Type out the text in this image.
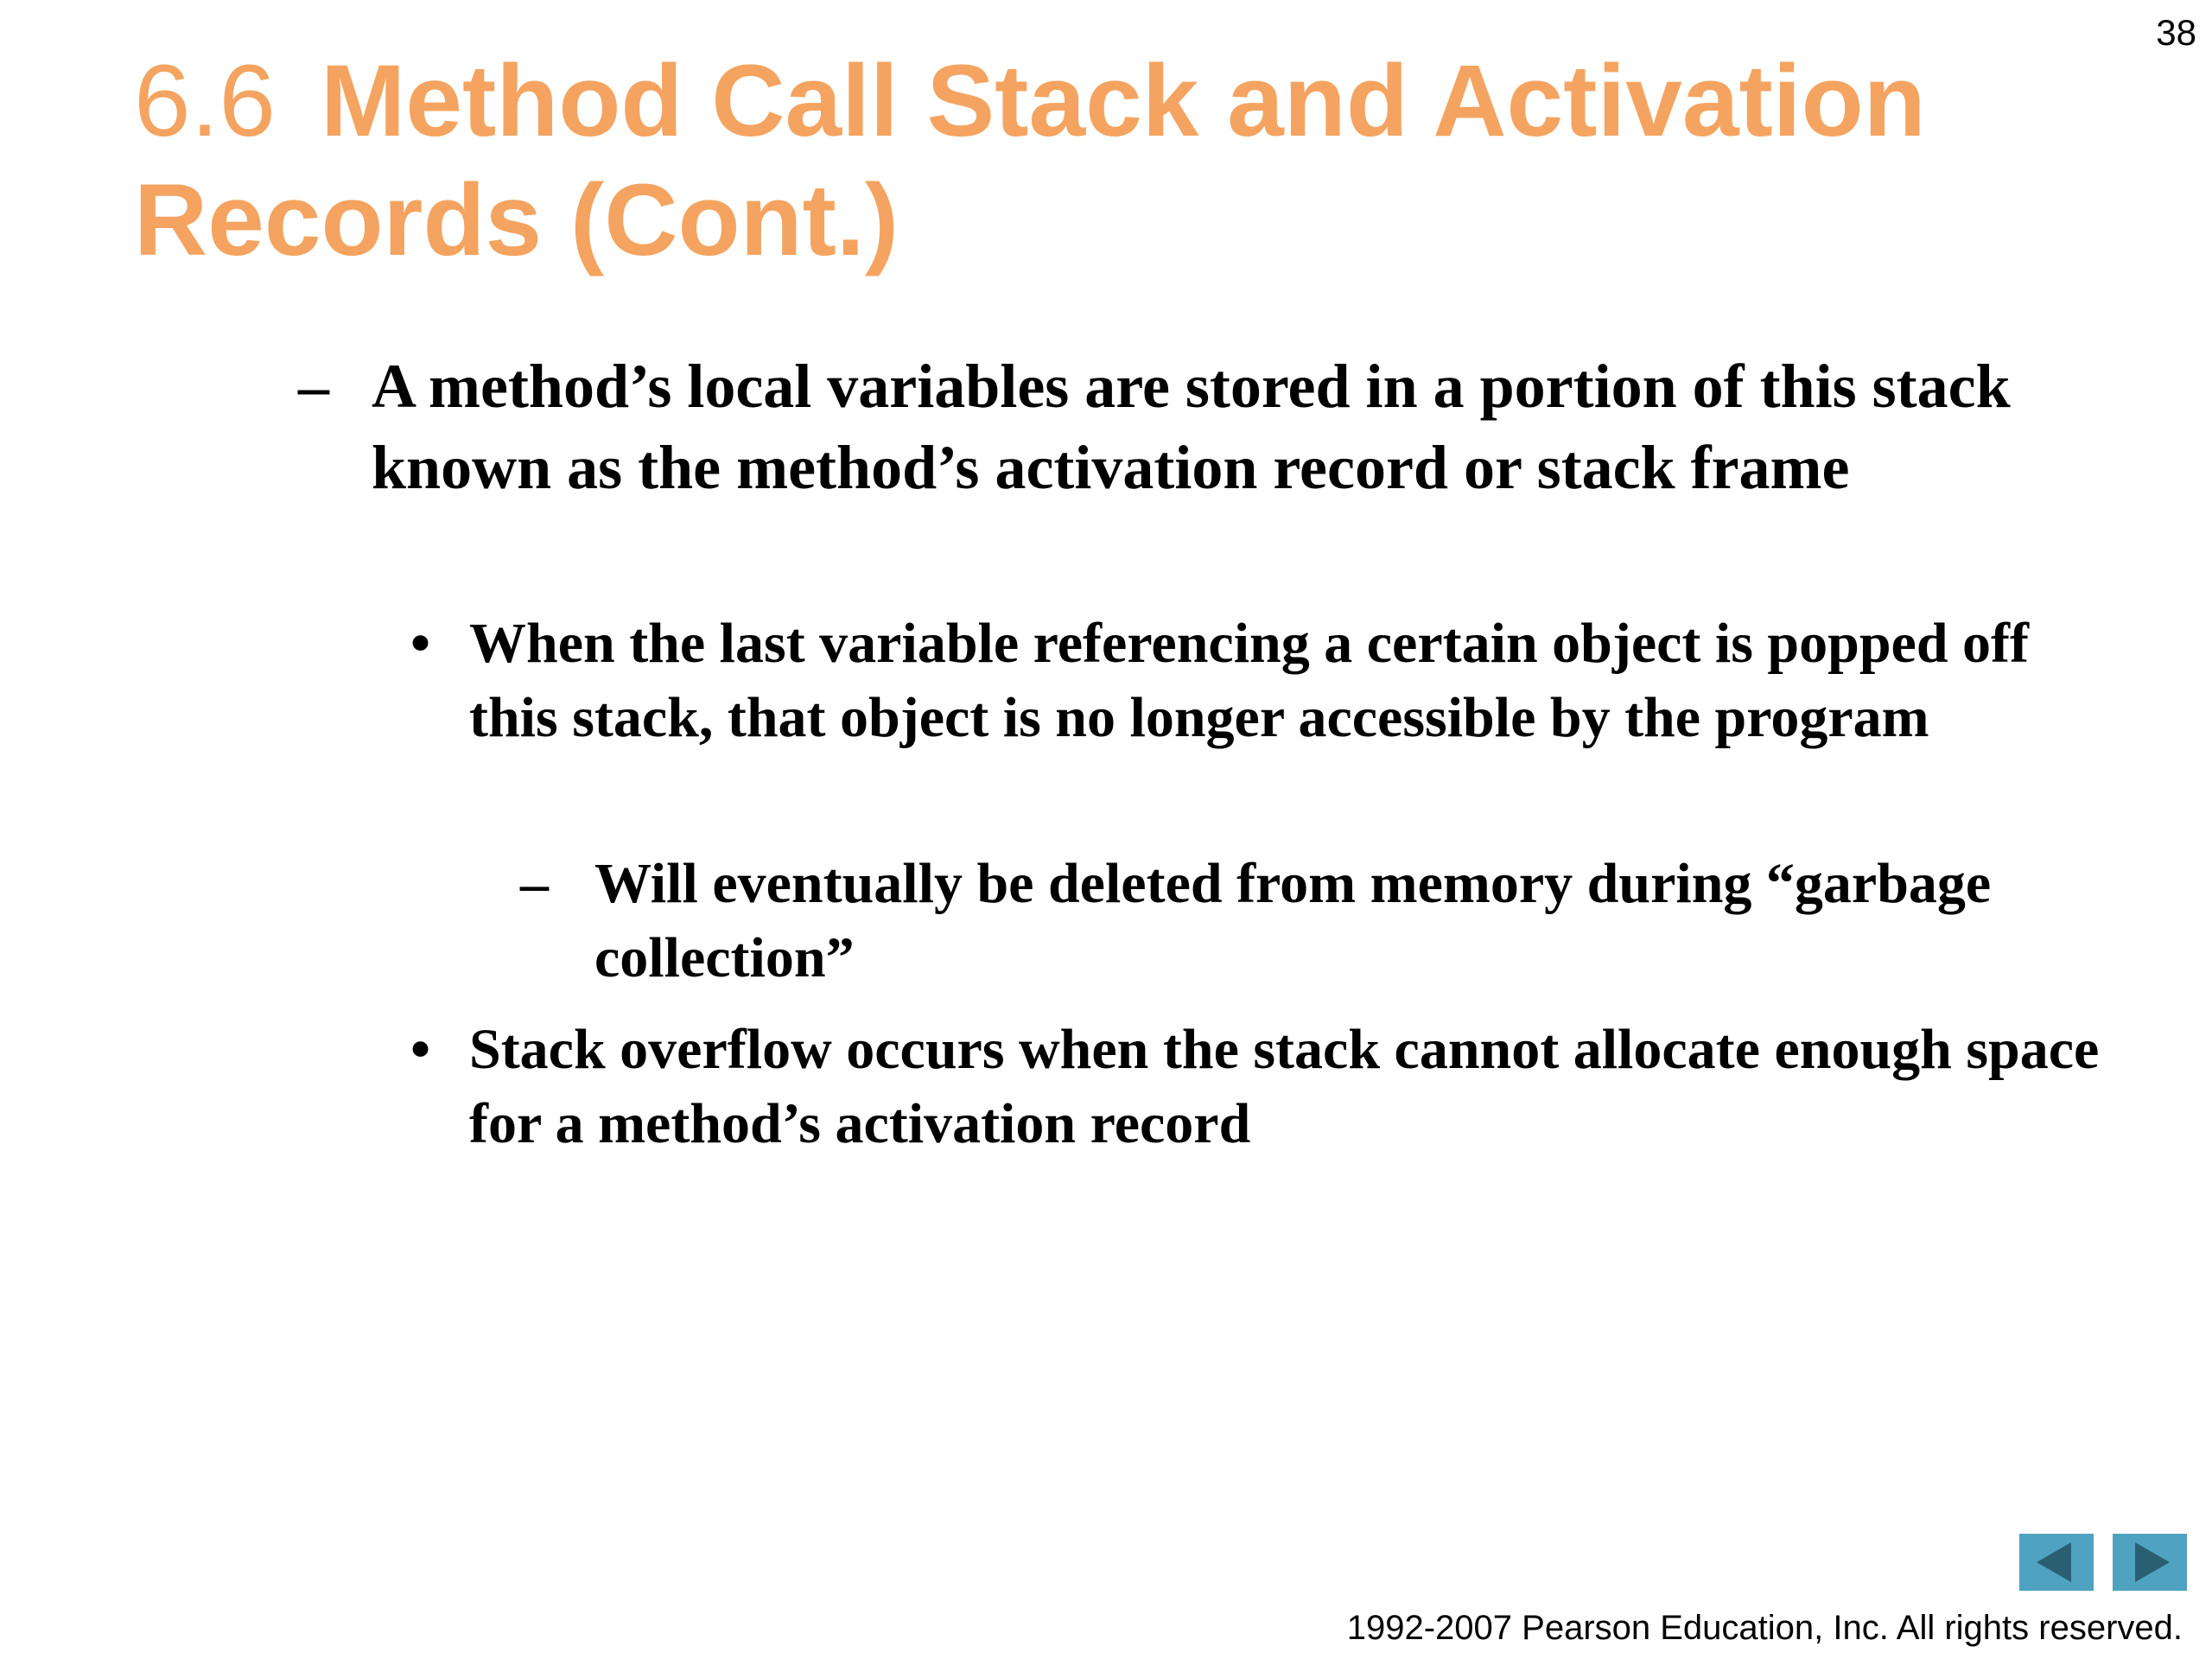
38
6.6 Method Call Stack and Activation Records (Cont.)
– A method’s local variables are stored in a portion of this stack known as the method’s activation record or stack frame
• When the last variable referencing a certain object is popped off this stack, that object is no longer accessible by the program
– Will eventually be deleted from memory during “garbage collection”
• Stack overflow occurs when the stack cannot allocate enough space for a method’s activation record
1992-2007 Pearson Education, Inc. All rights reserved.
